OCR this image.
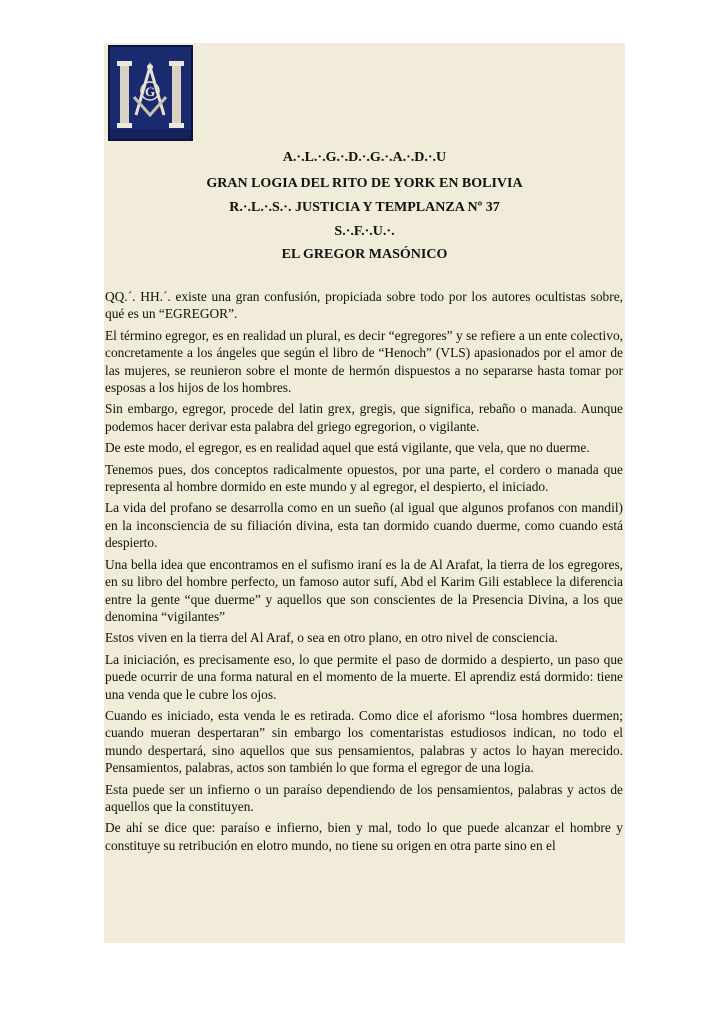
G
A.·.L.·.G.·.D.·.G.·.A.·.D.·.U
GRAN LOGIA DEL RITO DE YORK EN BOLIVIA
R.·.L.·.S.·. JUSTICIA Y TEMPLANZA Nº 37
S.·.F.·.U.·.
EL GREGOR MASÓNICO

QQ.´. HH.´. existe una gran confusión, propiciada sobre todo por los autores ocultistas sobre, qué es un “EGREGOR”.

El término egregor, es en realidad un plural, es decir “egregores” y se refiere a un ente colectivo, concretamente a los ángeles que según el libro de “Henoch” (VLS) apasionados por el amor de las mujeres, se reunieron sobre el monte de hermón dispuestos a no separarse hasta tomar por esposas a los hijos de los hombres.

Sin embargo, egregor, procede del latin grex, gregis, que significa, rebaño o manada. Aunque podemos hacer derivar esta palabra del griego egregorion, o vigilante.

De este modo, el egregor, es en realidad aquel que está vigilante, que vela, que no duerme.

Tenemos pues, dos conceptos radicalmente opuestos, por una parte, el cordero o manada que representa al hombre dormido en este mundo y al egregor, el despierto, el iniciado.

La vida del profano se desarrolla como en un sueño (al igual que algunos profanos con mandil) en la inconsciencia de su filiación divina, esta tan dormido cuando duerme, como cuando está despierto.

Una bella idea que encontramos en el sufismo iraní es la de Al Arafat, la tierra de los egregores, en su libro del hombre perfecto, un famoso autor sufí, Abd el Karim Gili establece la diferencia entre la gente “que duerme” y aquellos que son conscientes de la Presencia Divina, a los que denomina “vigilantes”

Estos viven en la tierra del Al Araf, o sea en otro plano, en otro nivel de consciencia.

La iniciación, es precisamente eso, lo que permite el paso de dormido a despierto, un paso que puede ocurrir de una forma natural en el momento de la muerte. El aprendiz está dormido: tiene una venda que le cubre los ojos.

Cuando es iniciado, esta venda le es retirada. Como dice el aforismo “losa hombres duermen; cuando mueran despertaran” sin embargo los comentaristas estudiosos indican, no todo el mundo despertará, sino aquellos que sus pensamientos, palabras y actos lo hayan merecido. Pensamientos, palabras, actos son también lo que forma el egregor de una logia.

Esta puede ser un infierno o un paraíso dependiendo de los pensamientos, palabras y actos de aquellos que la constituyen.

De ahí se dice que: paraíso e infierno, bien y mal, todo lo que puede alcanzar el hombre y constituye su retribución en elotro mundo, no tiene su origen en otra parte sino en el
